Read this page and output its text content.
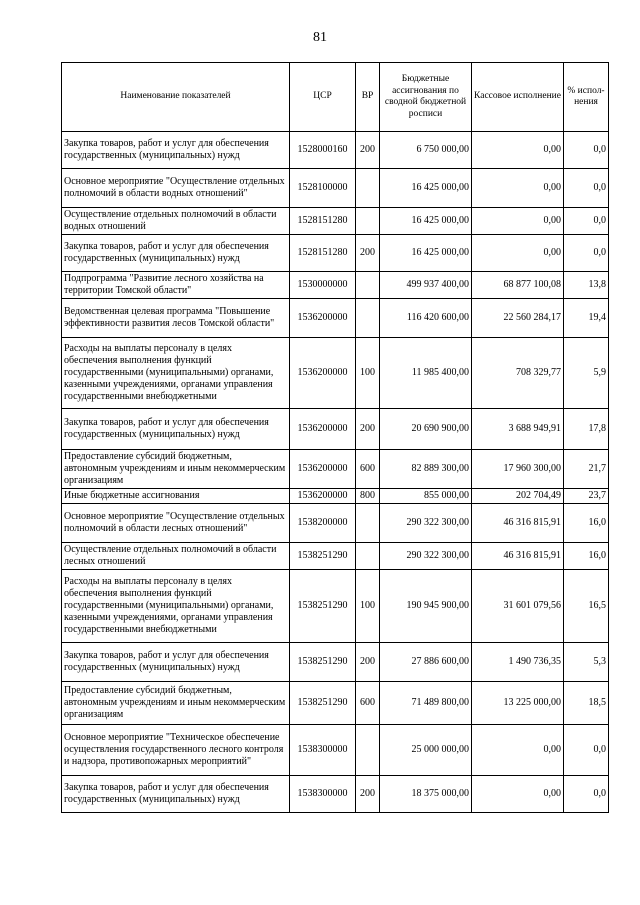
81
Наименование показателей	ЦСР	ВР	Бюджетные ассигнования по сводной бюджетной росписи	Кассовое исполнение	% испол-нения
Закупка товаров, работ и услуг для обеспечения государственных (муниципальных) нужд	1528000160	200	6 750 000,00	0,00	0,0
Основное мероприятие "Осуществление отдельных полномочий в области водных отношений"	1528100000		16 425 000,00	0,00	0,0
Осуществление отдельных полномочий в области водных отношений	1528151280		16 425 000,00	0,00	0,0
Закупка товаров, работ и услуг для обеспечения государственных (муниципальных) нужд	1528151280	200	16 425 000,00	0,00	0,0
Подпрограмма "Развитие лесного хозяйства на территории Томской области"	1530000000		499 937 400,00	68 877 100,08	13,8
Ведомственная целевая программа "Повышение эффективности развития лесов Томской области"	1536200000		116 420 600,00	22 560 284,17	19,4
Расходы на выплаты персоналу в целях обеспечения выполнения функций государственными (муниципальными) органами, казенными учреждениями, органами управления государственными внебюджетными	1536200000	100	11 985 400,00	708 329,77	5,9
Закупка товаров, работ и услуг для обеспечения государственных (муниципальных) нужд	1536200000	200	20 690 900,00	3 688 949,91	17,8
Предоставление субсидий бюджетным, автономным учреждениям и иным некоммерческим организациям	1536200000	600	82 889 300,00	17 960 300,00	21,7
Иные бюджетные ассигнования	1536200000	800	855 000,00	202 704,49	23,7
Основное мероприятие "Осуществление отдельных полномочий в области лесных отношений"	1538200000		290 322 300,00	46 316 815,91	16,0
Осуществление отдельных полномочий в области лесных отношений	1538251290		290 322 300,00	46 316 815,91	16,0
Расходы на выплаты персоналу в целях обеспечения выполнения функций государственными (муниципальными) органами, казенными учреждениями, органами управления государственными внебюджетными	1538251290	100	190 945 900,00	31 601 079,56	16,5
Закупка товаров, работ и услуг для обеспечения государственных (муниципальных) нужд	1538251290	200	27 886 600,00	1 490 736,35	5,3
Предоставление субсидий бюджетным, автономным учреждениям и иным некоммерческим организациям	1538251290	600	71 489 800,00	13 225 000,00	18,5
Основное мероприятие "Техническое обеспечение осуществления государственного лесного контроля и надзора, противопожарных мероприятий"	1538300000		25 000 000,00	0,00	0,0
Закупка товаров, работ и услуг для обеспечения государственных (муниципальных) нужд	1538300000	200	18 375 000,00	0,00	0,0
